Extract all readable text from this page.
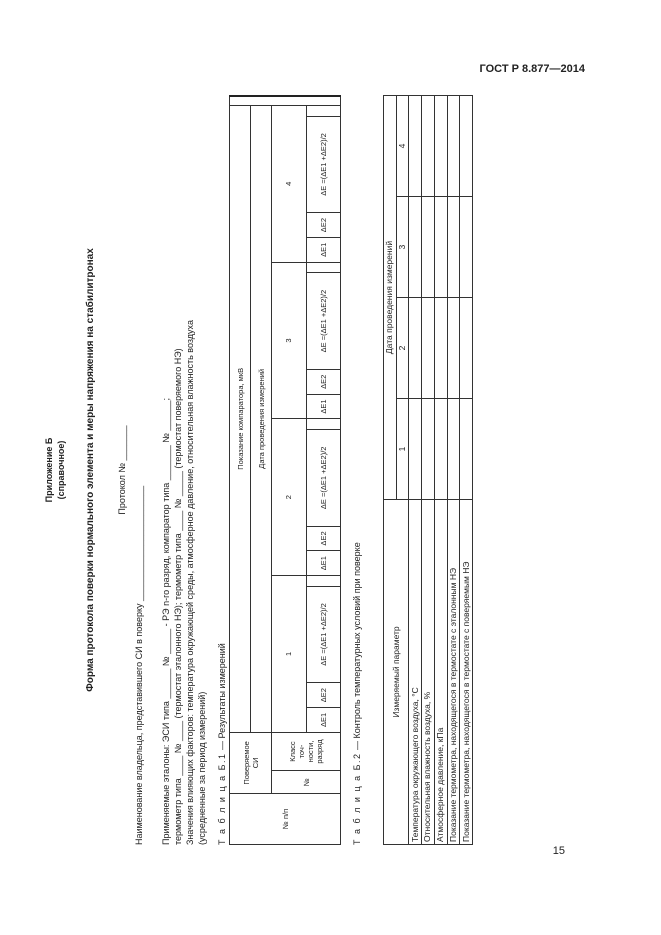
ГОСТ Р 8.877—2014
Приложение Б (справочное) Форма протокола поверки нормального элемента и меры напряжения на стабилитронах Протокол № _______
Наименование владельца, представившего СИ в поверку _______________________ Применяемые эталоны: ЭСИ типа ______ № _____ - РЭ n-го разряд, компаратор типа _______ № ______; термометр типа ____ № ____ (термостат эталонного НЭ); термометр типа ____ № _____ (термостат поверяемого НЭ) Значения влияющих факторов: температура окружающей среды, атмосферное давление, относительная влажность воздуха (усредненные за период измерений) Т а б л и ц а Б.1 — Результаты измерений
№ п/п	Поверяемое СИ		Показание компаратора, мкВ																
			Дата проведения измерений																
	№	Класс точ-ности, разряд	1				2				3				4				
			ΔE1	ΔE2	ΔE =(ΔE1 +ΔE2)/2		ΔE1	ΔE2	ΔE =(ΔE1 +ΔE2)/2		ΔE1	ΔE2	ΔE =(ΔE1 +ΔE2)/2		ΔE1	ΔE2	ΔE =(ΔE1 +ΔE2)/2		
Т а б л и ц а Б.2 — Контроль температурных условий при поверке	Измеряемый параметр	Дата проведения измерений			
	1	2	3	4
Температура окружающего воздуха, °С				
Относительная влажность воздуха, %				
Атмосферное давление, кПа				
Показание термометра, находящегося в термостате с эталонным НЭ				
Показание термометра, находящегося в термостате с поверяемым НЭ				
15
